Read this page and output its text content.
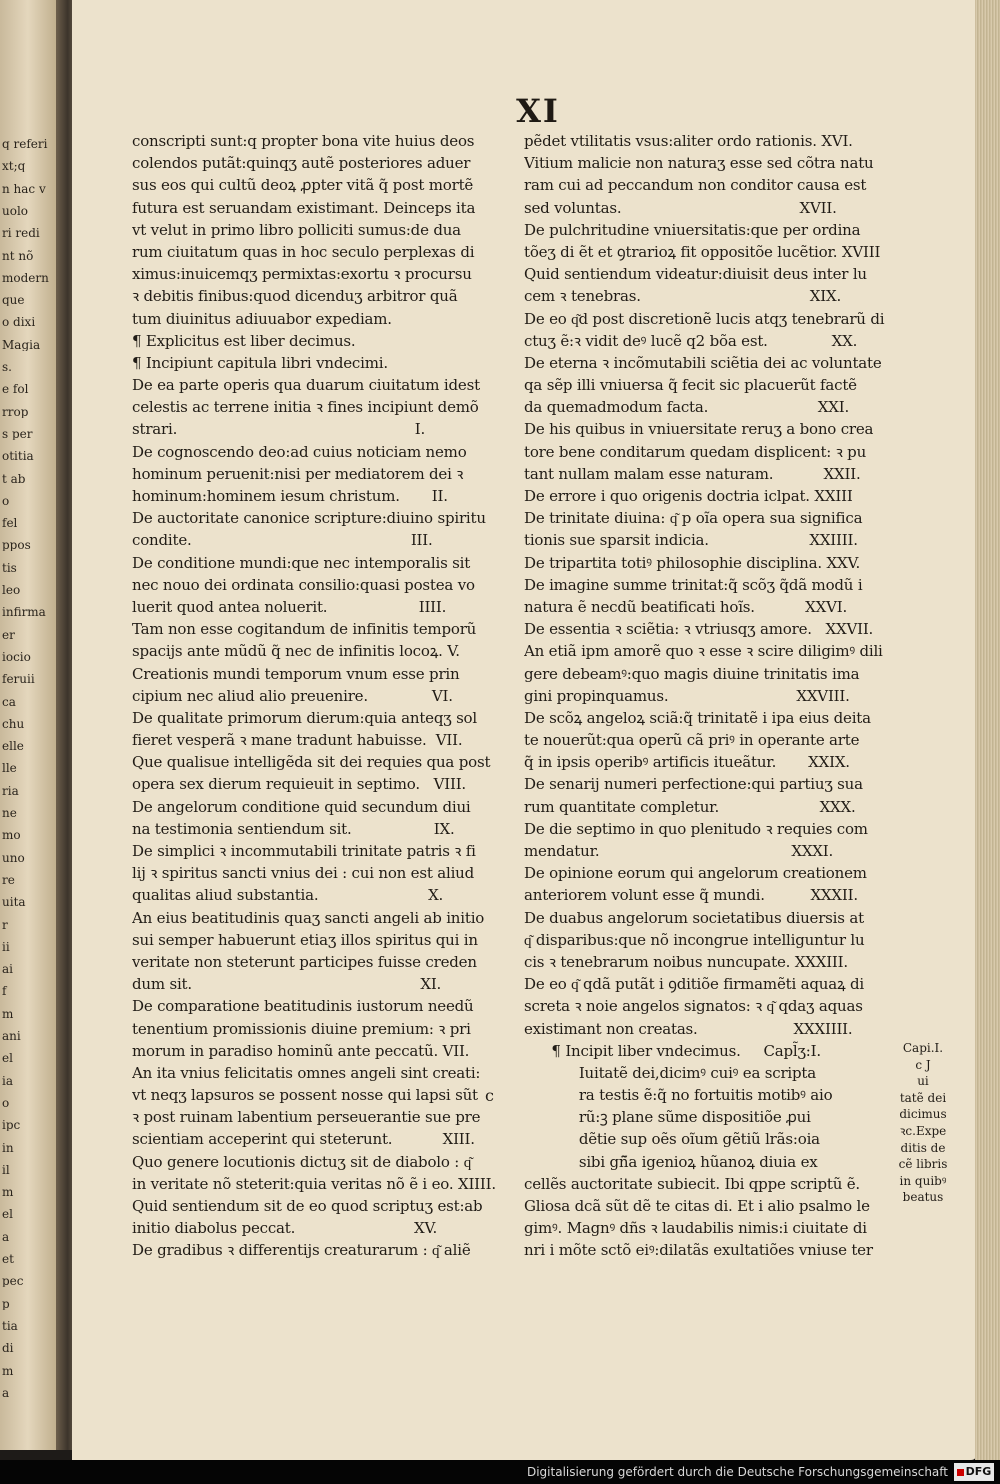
q referi
xt;q
n hac v
uolo
ri redi
nt nõ
modern
que
o dixi
Magia
s.
e fol
rrop
s per
otitia
t ab
o
fel
ppos
tis
leo
infirma
er
iocio
feruii
ca
chu
elle
lle
ria
ne
mo
uno
re
uita
r
ii
ai
f
m
ani
el
ia
o
ipc
in
il
m
el
a
et
pec
p
tia
di
m
a
XI
conscripti sunt:q propter bona vite huius deos
colendos putãt:quinqʒ autẽ posteriores aduer
sus eos qui cultũ deoꝝ ꝓpter vitã q̃ post mortẽ
futura est seruandam existimant. Deinceps ita
vt velut in primo libro polliciti sumus:de dua
rum ciuitatum quas in hoc seculo perplexas di
ximus:inuicemqʒ permixtas:exortu ꝛ procursu
ꝛ debitis finibus:quod dicenduʒ arbitror quã
tum diuinitus adiuuabor expediam.
¶ Explicitus est liber decimus.
¶ Incipiunt capitula libri vndecimi.
De ea parte operis qua duarum ciuitatum idest
celestis ac terrene initia ꝛ fines incipiunt demõ
strari.                                                    I.
De cognoscendo deo:ad cuius noticiam nemo
hominum peruenit:nisi per mediatorem dei ꝛ
hominum:hominem iesum christum.       II.
De auctoritate canonice scripture:diuino spiritu
condite.                                                III.
De conditione mundi:que nec intemporalis sit
nec nouo dei ordinata consilio:quasi postea vo
luerit quod antea noluerit.                    IIII.
Tam non esse cogitandum de infinitis temporũ
spacijs ante mũdũ q̃ nec de infinitis locoꝝ. V.
Creationis mundi temporum vnum esse prin
cipium nec aliud alio preuenire.              VI.
De qualitate primorum dierum:quia anteqʒ sol
fieret vesperã ꝛ mane tradunt habuisse.  VII.
Que qualisue intelligẽda sit dei requies qua post
opera sex dierum requieuit in septimo.   VIII.
De angelorum conditione quid secundum diui
na testimonia sentiendum sit.                  IX.
De simplici ꝛ incommutabili trinitate patris ꝛ fi
lij ꝛ spiritus sancti vnius dei : cui non est aliud
qualitas aliud substantia.                        X.
An eius beatitudinis quaʒ sancti angeli ab initio
sui semper habuerunt etiaʒ illos spiritus qui in
veritate non steterunt participes fuisse creden
dum sit.                                                  XI.
De comparatione beatitudinis iustorum needũ
tenentium promissionis diuine premium: ꝛ pri
morum in paradiso hominũ ante peccatũ. VII.
An ita vnius felicitatis omnes angeli sint creati:
vt neqʒ lapsuros se possent nosse qui lapsi sũt
ꝛ post ruinam labentium perseuerantie sue pre
scientiam acceperint qui steterunt.           XIII.
Quo genere locutionis dictuʒ sit de diabolo : q͂
in veritate nõ steterit:quia veritas nõ ẽ i eo. XIIII.
Quid sentiendum sit de eo quod scriptuʒ est:ab
initio diabolus peccat.                          XV.
De gradibus ꝛ differentijs creaturarum : q͂ aliẽ
pẽdet vtilitatis vsus:aliter ordo rationis. XVI.
Vitium malicie non naturaʒ esse sed cõtra natu
ram cui ad peccandum non conditor causa est
sed voluntas.                                       XVII.
De pulchritudine vniuersitatis:que per ordina
tõeʒ di ẽt et ꝯtrarioꝝ fit oppositõe lucẽtior. XVIII
Quid sentiendum videatur:diuisit deus inter lu
cem ꝛ tenebras.                                     XIX.
De eo q͂d post discretionẽ lucis atqʒ tenebrarũ di
ctuʒ ẽ:ꝛ vidit deꝰ lucẽ q2 bõa est.              XX.
De eterna ꝛ incõmutabili sciẽtia dei ac voluntate
qa sẽp illi vniuersa q̃ fecit sic placuerũt factẽ
da quemadmodum facta.                        XXI.
De his quibus in vniuersitate reruʒ a bono crea
tore bene conditarum quedam displicent: ꝛ pu
tant nullam malam esse naturam.           XXII.
De errore i quo origenis doctria iclpat. XXIII
De trinitate diuina: q͂ p oĩa opera sua significa
tionis sue sparsit indicia.                      XXIIII.
De tripartita totiꝰ philosophie disciplina. XXV.
De imagine summe trinitat:q̃ scõʒ q̃dã modũ i
natura ẽ necdũ beatificati hoĩs.           XXVI.
De essentia ꝛ sciẽtia: ꝛ vtriusqʒ amore.   XXVII.
An etiã ipm amorẽ quo ꝛ esse ꝛ scire diligimꝰ dili
gere debeamꝰ:quo magis diuine trinitatis ima
gini propinquamus.                            XXVIII.
De scõꝝ angeloꝝ sciã:q̃ trinitatẽ i ipa eius deita
te nouerũt:qua operũ cã priꝰ in operante arte
q̃ in ipsis operibꝰ artificis itueãtur.       XXIX.
De senarij numeri perfectione:qui partiuʒ sua
rum quantitate completur.                      XXX.
De die septimo in quo plenitudo ꝛ requies com
mendatur.                                          XXXI.
De opinione eorum qui angelorum creationem
anteriorem volunt esse q̃ mundi.          XXXII.
De duabus angelorum societatibus diuersis at
q͂ disparibus:que nõ incongrue intelliguntur lu
cis ꝛ tenebrarum noibus nuncupate. XXXIII.
De eo q͂ qdã putãt i ꝯditiõe firmamẽti aquaꝝ di
screta ꝛ noie angelos signatos: ꝛ q͂ qdaʒ aquas
existimant non creatas.                     XXXIIII.
¶ Incipit liber vndecimus.     Capl̃ʒ:I.
Iuitatẽ dei,dicimꝰ cuiꝰ ea scripta
ra testis ẽ:q̃ no fortuitis motibꝰ aio
rũ:ꝫ plane sũme dispositiõe ꝓui
dẽtie sup oẽs oĩum gẽtiũ lrãs:oia
sibi gñ̃a igenioꝝ hũanoꝝ diuia ex
cellẽs auctoritate subiecit. Ibi qppe scriptũ ẽ.
Gliosa dcã sũt dẽ te citas di. Et i alio psalmo le
gimꝰ. Magnꝰ dñs ꝛ laudabilis nimis:i ciuitate di
nri i mõte sctõ eiꝰ:dilatãs exultatiões vniuse ter
c
Capi.I.
c J
ui
tatẽ dei
dicimus
ꝛc.Expe
ditis de
cẽ libris
in quibꝰ
beatus
Digitalisierung gefördert durch die Deutsche Forschungsgemeinschaft	DFG
